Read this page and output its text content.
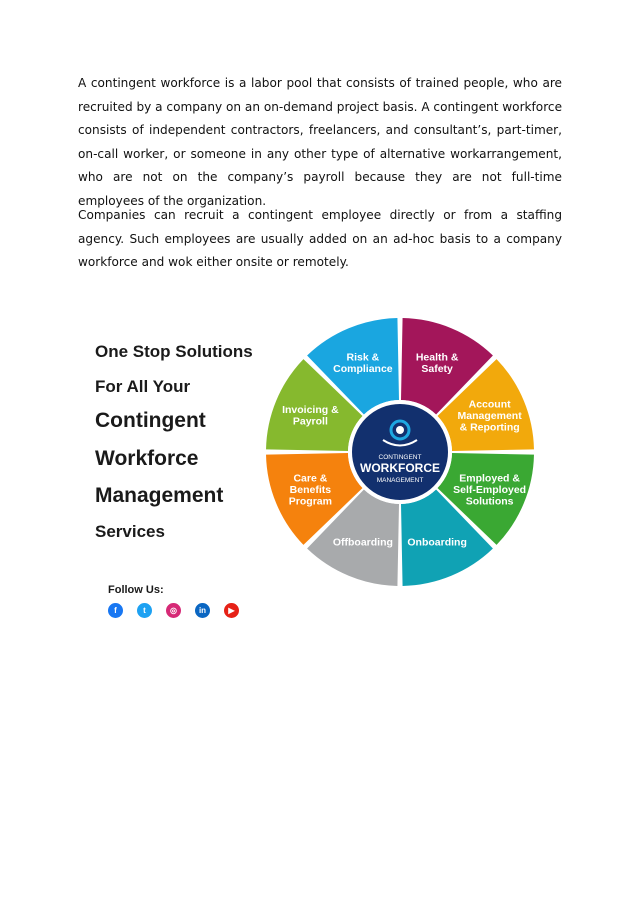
A contingent workforce is a labor pool that consists of trained people, who are recruited by a company on an on-demand project basis. A contingent workforce consists of independent contractors, freelancers, and consultant’s, part-timer, on-call worker, or someone in any other type of alternative workarrangement, who are not on the company’s payroll because they are not full-time employees of the organization.
Companies can recruit a contingent employee directly or from a staffing agency. Such employees are usually added on an ad-hoc basis to a company workforce and wok either onsite or remotely.
One Stop Solutions
For All Your
Contingent
Workforce
Management
Services
Follow Us:
f	t	◎	in	▶
Health & Safety
Account Management & Reporting
Employed & Self-Employed Solutions
Onboarding
Offboarding
Care & Benefits Program
Invoicing & Payroll
Risk & Compliance
CONTINGENT
WORKFORCE
MANAGEMENT
